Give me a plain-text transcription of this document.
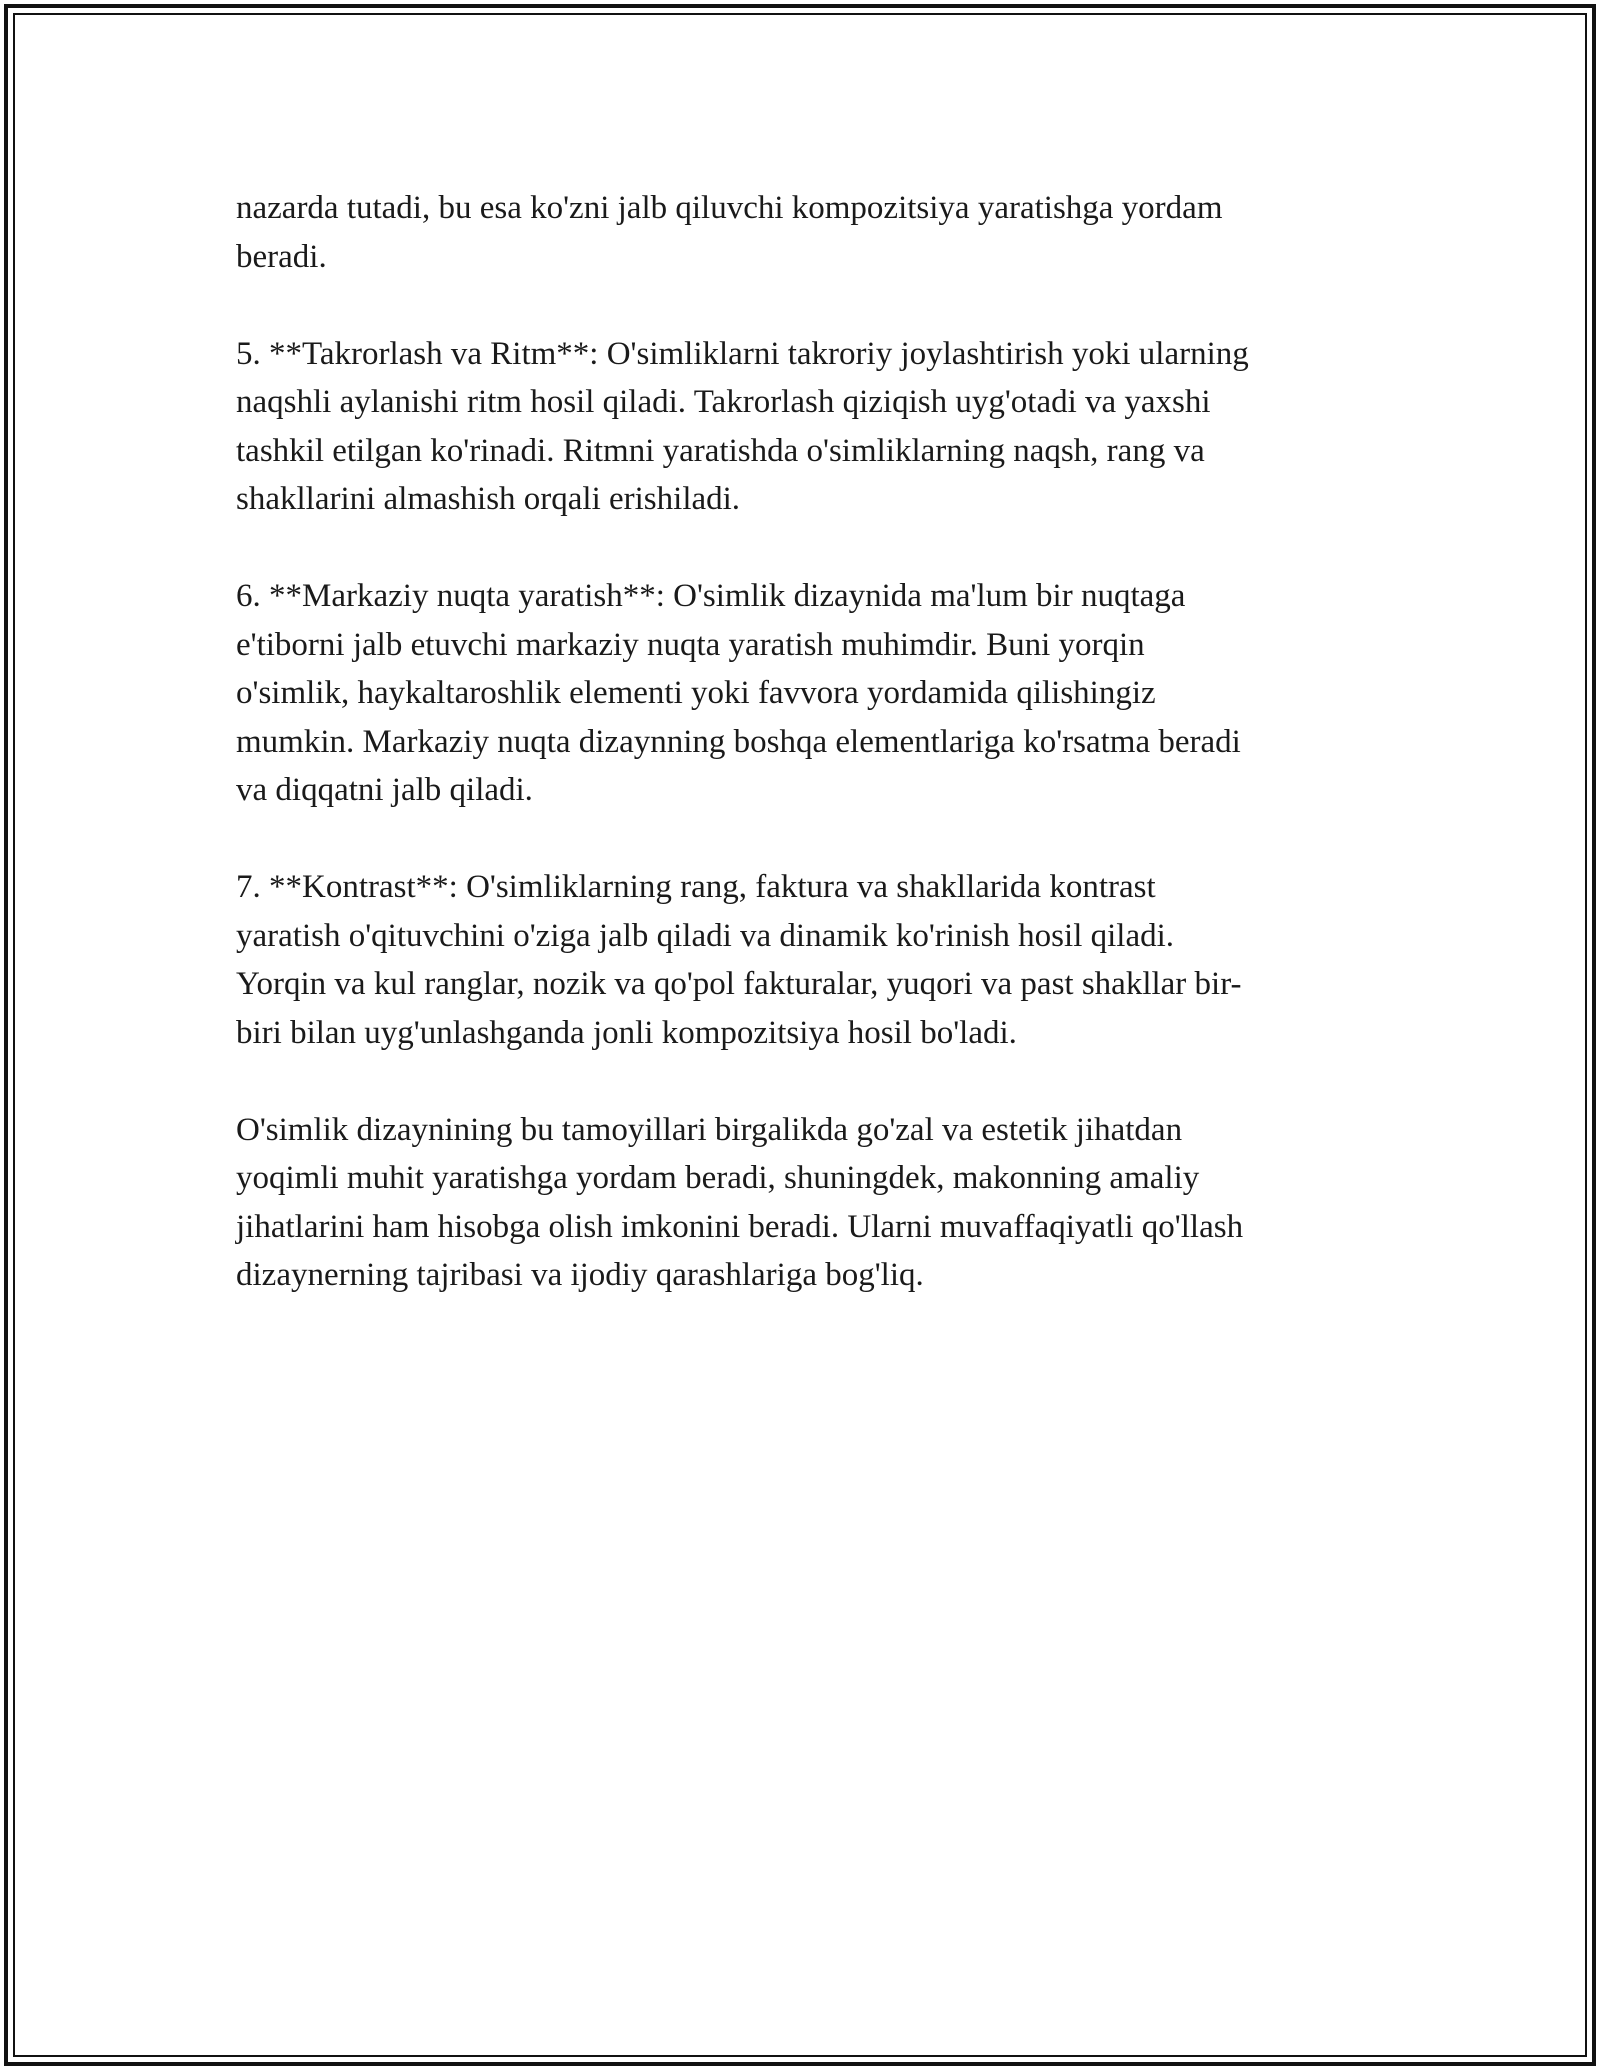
nazarda tutadi, bu esa ko'zni jalb qiluvchi kompozitsiya yaratishga yordam
beradi.

5. **Takrorlash va Ritm**: O'simliklarni takroriy joylashtirish yoki ularning
naqshli aylanishi ritm hosil qiladi. Takrorlash qiziqish uyg'otadi va yaxshi
tashkil etilgan ko'rinadi. Ritmni yaratishda o'simliklarning naqsh, rang va
shakllarini almashish orqali erishiladi.

6. **Markaziy nuqta yaratish**: O'simlik dizaynida ma'lum bir nuqtaga
e'tiborni jalb etuvchi markaziy nuqta yaratish muhimdir. Buni yorqin
o'simlik, haykaltaroshlik elementi yoki favvora yordamida qilishingiz
mumkin. Markaziy nuqta dizaynning boshqa elementlariga ko'rsatma beradi
va diqqatni jalb qiladi.

7. **Kontrast**: O'simliklarning rang, faktura va shakllarida kontrast
yaratish o'qituvchini o'ziga jalb qiladi va dinamik ko'rinish hosil qiladi.
Yorqin va kul ranglar, nozik va qo'pol fakturalar, yuqori va past shakllar bir-
biri bilan uyg'unlashganda jonli kompozitsiya hosil bo'ladi.

O'simlik dizaynining bu tamoyillari birgalikda go'zal va estetik jihatdan
yoqimli muhit yaratishga yordam beradi, shuningdek, makonning amaliy
jihatlarini ham hisobga olish imkonini beradi. Ularni muvaffaqiyatli qo'llash
dizaynerning tajribasi va ijodiy qarashlariga bog'liq.
